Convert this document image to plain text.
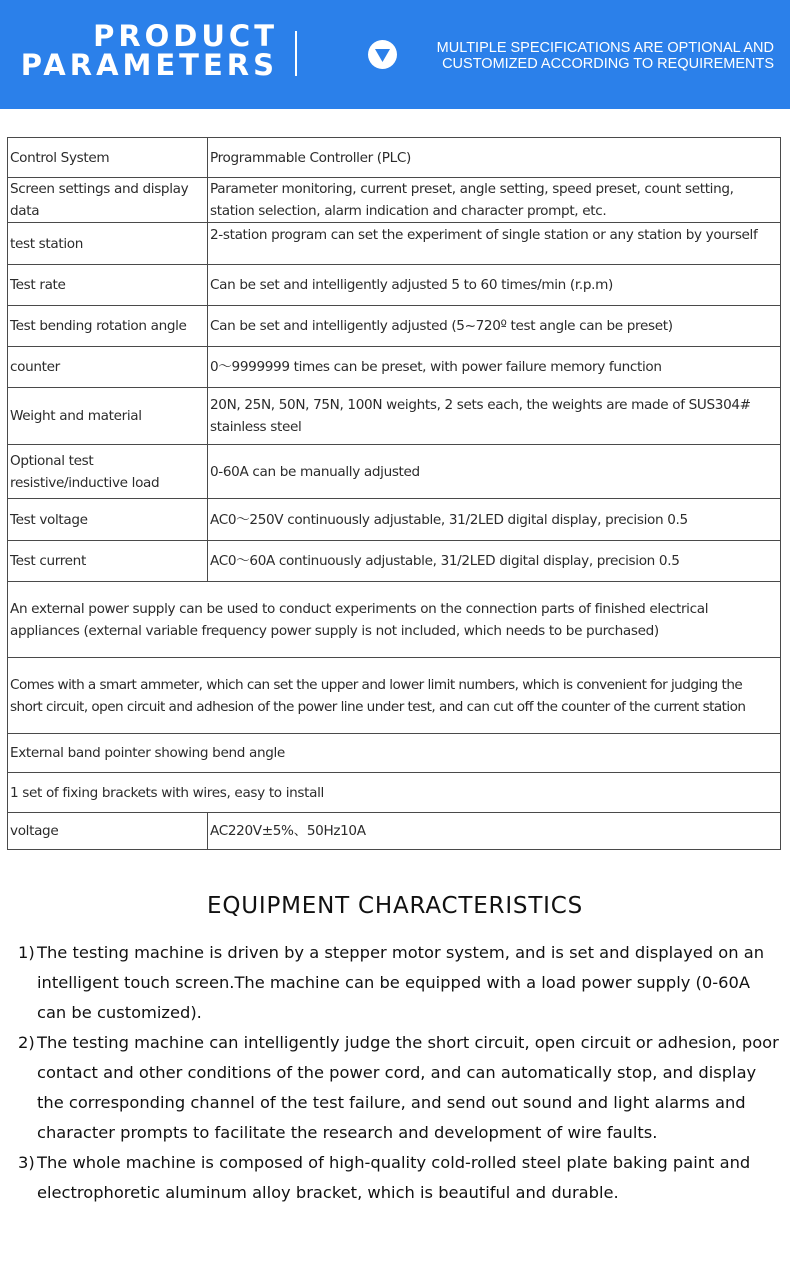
PRODUCT
PARAMETERS	MULTIPLE SPECIFICATIONS ARE OPTIONAL AND
CUSTOMIZED ACCORDING TO REQUIREMENTS
Control System	Programmable Controller (PLC)
Screen settings and display data	Parameter monitoring, current preset, angle setting, speed preset, count setting, station selection, alarm indication and character prompt, etc.
test station	2-station program can set the experiment of single station or any station by yourself

Test rate	Can be set and intelligently adjusted 5 to 60 times/min (r.p.m)
Test bending rotation angle	Can be set and intelligently adjusted (5~720º test angle can be preset)
counter	0～9999999 times can be preset, with power failure memory function
Weight and material	20N, 25N, 50N, 75N, 100N weights, 2 sets each, the weights are made of SUS304# stainless steel
Optional test resistive/inductive load	0-60A can be manually adjusted
Test voltage	AC0～250V continuously adjustable, 31/2LED digital display, precision 0.5
Test current	AC0～60A continuously adjustable, 31/2LED digital display, precision 0.5
An external power supply can be used to conduct experiments on the connection parts of finished electrical appliances (external variable frequency power supply is not included, which needs to be purchased)	
Comes with a smart ammeter, which can set the upper and lower limit numbers, which is convenient for judging the short circuit, open circuit and adhesion of the power line under test, and can cut off the counter of the current station	
External band pointer showing bend angle	
1 set of fixing brackets with wires, easy to install	
voltage	AC220V±5%、50Hz10A
EQUIPMENT CHARACTERISTICS

1) The testing machine is driven by a stepper motor system, and is set and displayed on an intelligent touch screen.The machine can be equipped with a load power supply (0-60A can be customized).

2) The testing machine can intelligently judge the short circuit, open circuit or adhesion, poor contact and other conditions of the power cord, and can automatically stop, and display the corresponding channel of the test failure, and send out sound and light alarms and character prompts to facilitate the research and development of wire faults.

3) The whole machine is composed of high-quality cold-rolled steel plate baking paint and electrophoretic aluminum alloy bracket, which is beautiful and durable.
